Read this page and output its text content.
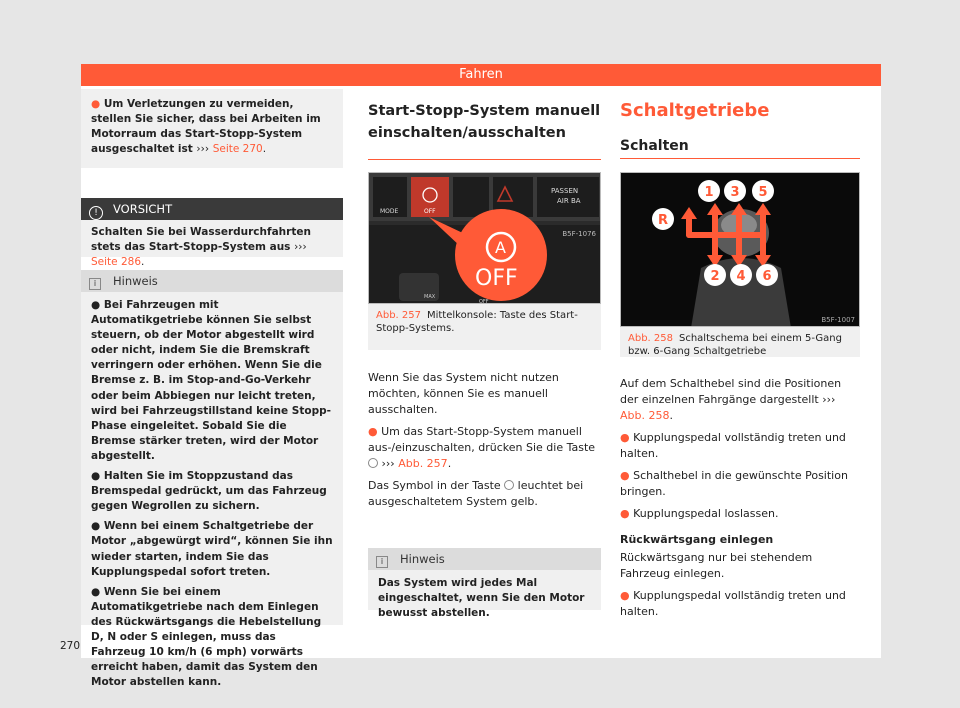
Fahren
● Um Verletzungen zu vermeiden, stellen Sie sicher, dass bei Arbeiten im Motorraum das Start-Stopp-System ausgeschaltet ist ››› Seite 270.
! VORSICHT
Schalten Sie bei Wasserdurchfahrten stets das Start-Stopp-System aus ››› Seite 286.
i Hinweis

● Bei Fahrzeugen mit Automatikgetriebe können Sie selbst steuern, ob der Motor abgestellt wird oder nicht, indem Sie die Bremskraft verringern oder erhöhen. Wenn Sie die Bremse z. B. im Stop-and-Go-Verkehr oder beim Abbiegen nur leicht treten, wird bei Fahrzeugstillstand keine Stopp-Phase eingeleitet. Sobald Sie die Bremse stärker treten, wird der Motor abgestellt.

● Halten Sie im Stoppzustand das Bremspedal gedrückt, um das Fahrzeug gegen Wegrollen zu sichern.

● Wenn bei einem Schaltgetriebe der Motor „abgewürgt wird“, können Sie ihn wieder starten, indem Sie das Kupplungspedal sofort treten.

● Wenn Sie bei einem Automatikgetriebe nach dem Einlegen des Rückwärtsgangs die Hebelstellung D, N oder S einlegen, muss das Fahrzeug 10 km/h (6 mph) vorwärts erreicht haben, damit das System den Motor abstellen kann.

270
Start-Stopp-System manuell einschalten/ausschalten
MODE	OFF
PASSEN
AIR BA
MAX
OFF
A
OFF
B5F-1076
Abb. 257 Mittelkonsole: Taste des Start-Stopp-Systems.

Wenn Sie das System nicht nutzen möchten, können Sie es manuell ausschalten.

● Um das Start-Stopp-System manuell aus-/einzuschalten, drücken Sie die Taste  ››› Abb. 257.

Das Symbol in der Taste leuchtet bei ausgeschaltetem System gelb.

i Hinweis
Das System wird jedes Mal eingeschaltet, wenn Sie den Motor bewusst abstellen.
Schaltgetriebe
Schalten
R
1 3 5
2 4 6
B5F-1007
Abb. 258 Schaltschema bei einem 5-Gang bzw. 6-Gang Schaltgetriebe

Auf dem Schalthebel sind die Positionen der einzelnen Fahrgänge dargestellt ››› Abb. 258.

● Kupplungspedal vollständig treten und halten.

● Schalthebel in die gewünschte Position bringen.

● Kupplungspedal loslassen.

Rückwärtsgang einlegen

Rückwärtsgang nur bei stehendem Fahrzeug einlegen.

● Kupplungspedal vollständig treten und halten.
